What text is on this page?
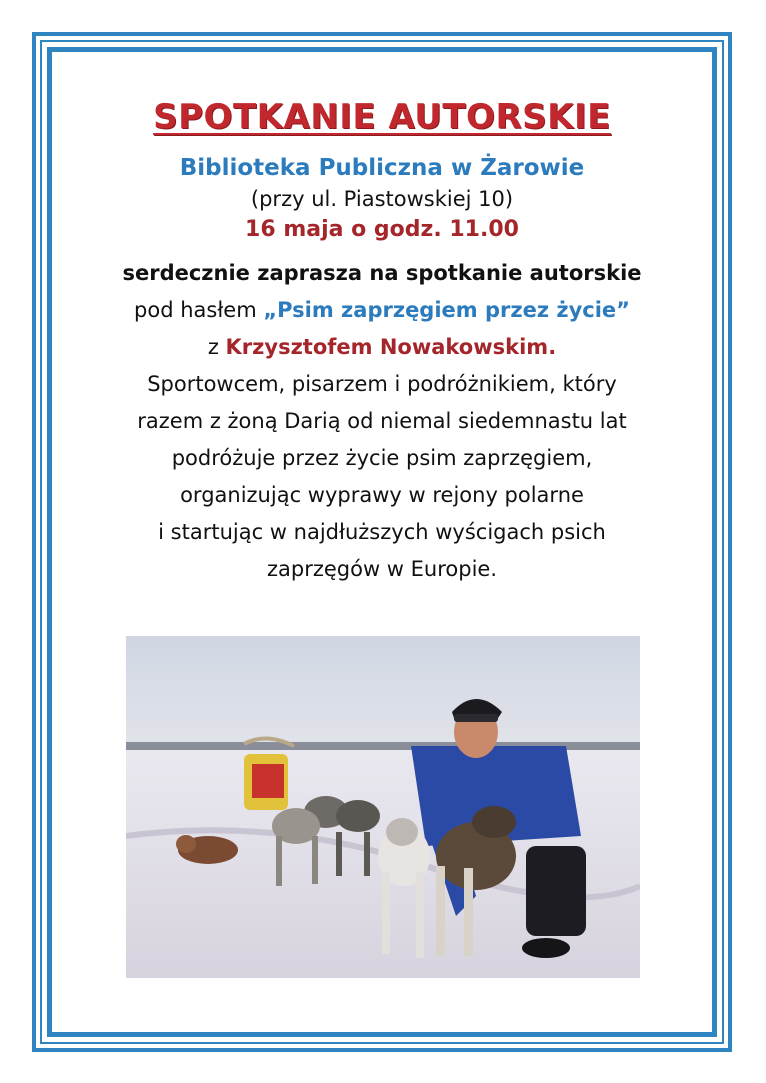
SPOTKANIE AUTORSKIE
Biblioteka Publiczna w Żarowie
(przy ul. Piastowskiej 10)
16 maja o godz. 11.00
serdecznie zaprasza na spotkanie autorskie
pod hasłem „Psim zaprzęgiem przez życie”
z Krzysztofem Nowakowskim.
Sportowcem, pisarzem i podróżnikiem, który
razem z żoną Darią od niemal siedemnastu lat
podróżuje przez życie psim zaprzęgiem,
organizując wyprawy w rejony polarne
i startując w najdłuższych wyścigach psich
zaprzęgów w Europie.
